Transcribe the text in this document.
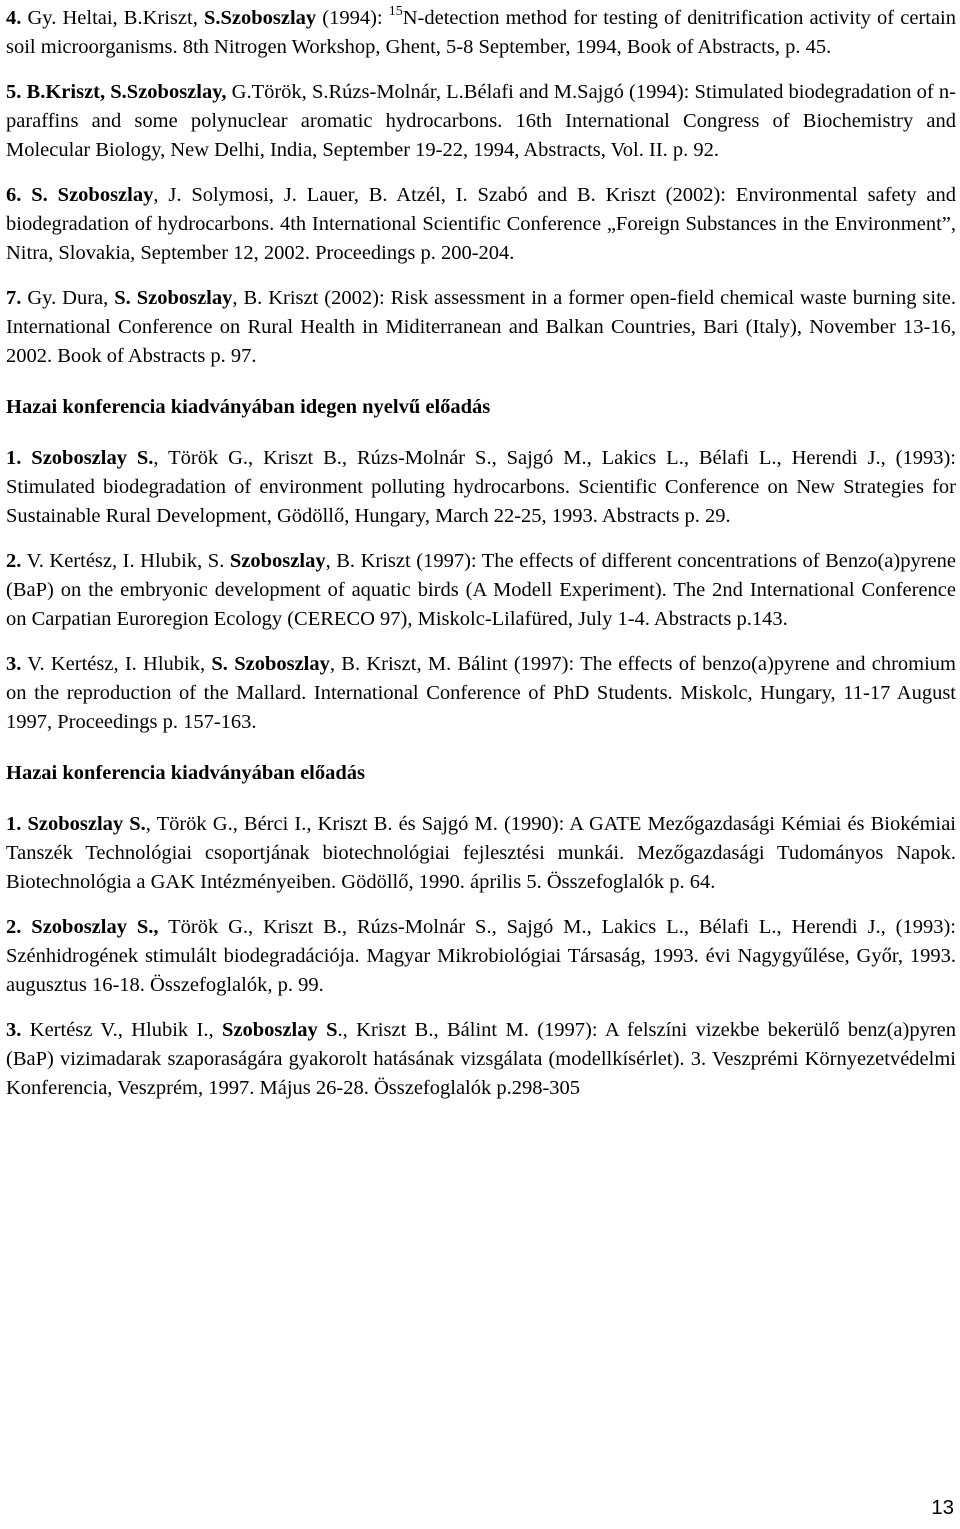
4. Gy. Heltai, B.Kriszt, S.Szoboszlay (1994): $^{15}$N-detection method for testing of denitrification activity of certain soil microorganisms. 8th Nitrogen Workshop, Ghent, 5-8 September, 1994, Book of Abstracts, p. 45.

5. B.Kriszt, S.Szoboszlay, G.Török, S.Rúzs-Molnár, L.Bélafi and M.Sajgó (1994): Stimulated biodegradation of n-paraffins and some polynuclear aromatic hydrocarbons. 16th International Congress of Biochemistry and Molecular Biology, New Delhi, India, September 19-22, 1994, Abstracts, Vol. II. p. 92.

6. S. Szoboszlay, J. Solymosi, J. Lauer, B. Atzél, I. Szabó and B. Kriszt (2002): Environmental safety and biodegradation of hydrocarbons. 4th International Scientific Conference „Foreign Substances in the Environment”, Nitra, Slovakia, September 12, 2002. Proceedings p. 200-204.

7. Gy. Dura, S. Szoboszlay, B. Kriszt (2002): Risk assessment in a former open-field chemical waste burning site. International Conference on Rural Health in Miditerranean and Balkan Countries, Bari (Italy), November 13-16, 2002. Book of Abstracts p. 97.

Hazai konferencia kiadványában idegen nyelvű előadás

1. Szoboszlay S., Török G., Kriszt B., Rúzs-Molnár S., Sajgó M., Lakics L., Bélafi L., Herendi J., (1993): Stimulated biodegradation of environment polluting hydrocarbons. Scientific Conference on New Strategies for Sustainable Rural Development, Gödöllő, Hungary, March 22-25, 1993. Abstracts p. 29.

2. V. Kertész, I. Hlubik, S. Szoboszlay, B. Kriszt (1997): The effects of different concentrations of Benzo(a)pyrene (BaP) on the embryonic development of aquatic birds (A Modell Experiment). The 2nd International Conference on Carpatian Euroregion Ecology (CERECO 97), Miskolc-Lilafüred, July 1-4. Abstracts p.143.

3. V. Kertész, I. Hlubik, S. Szoboszlay, B. Kriszt, M. Bálint (1997): The effects of benzo(a)pyrene and chromium on the reproduction of the Mallard. International Conference of PhD Students. Miskolc, Hungary, 11-17 August 1997, Proceedings p. 157-163.

Hazai konferencia kiadványában előadás

1. Szoboszlay S., Török G., Bérci I., Kriszt B. és Sajgó M. (1990): A GATE Mezőgazdasági Kémiai és Biokémiai Tanszék Technológiai csoportjának biotechnológiai fejlesztési munkái. Mezőgazdasági Tudományos Napok. Biotechnológia a GAK Intézményeiben. Gödöllő, 1990. április 5. Összefoglalók p. 64.

2. Szoboszlay S., Török G., Kriszt B., Rúzs-Molnár S., Sajgó M., Lakics L., Bélafi L., Herendi J., (1993): Szénhidrogének stimulált biodegradációja. Magyar Mikrobiológiai Társaság, 1993. évi Nagygyűlése, Győr, 1993. augusztus 16-18. Összefoglalók, p. 99.

3. Kertész V., Hlubik I., Szoboszlay S., Kriszt B., Bálint M. (1997): A felszíni vizekbe bekerülő benz(a)pyren (BaP) vizimadarak szaporaságára gyakorolt hatásának vizsgálata (modellkísérlet). 3. Veszprémi Környezetvédelmi Konferencia, Veszprém, 1997. Május 26-28. Összefoglalók p.298-305

13
